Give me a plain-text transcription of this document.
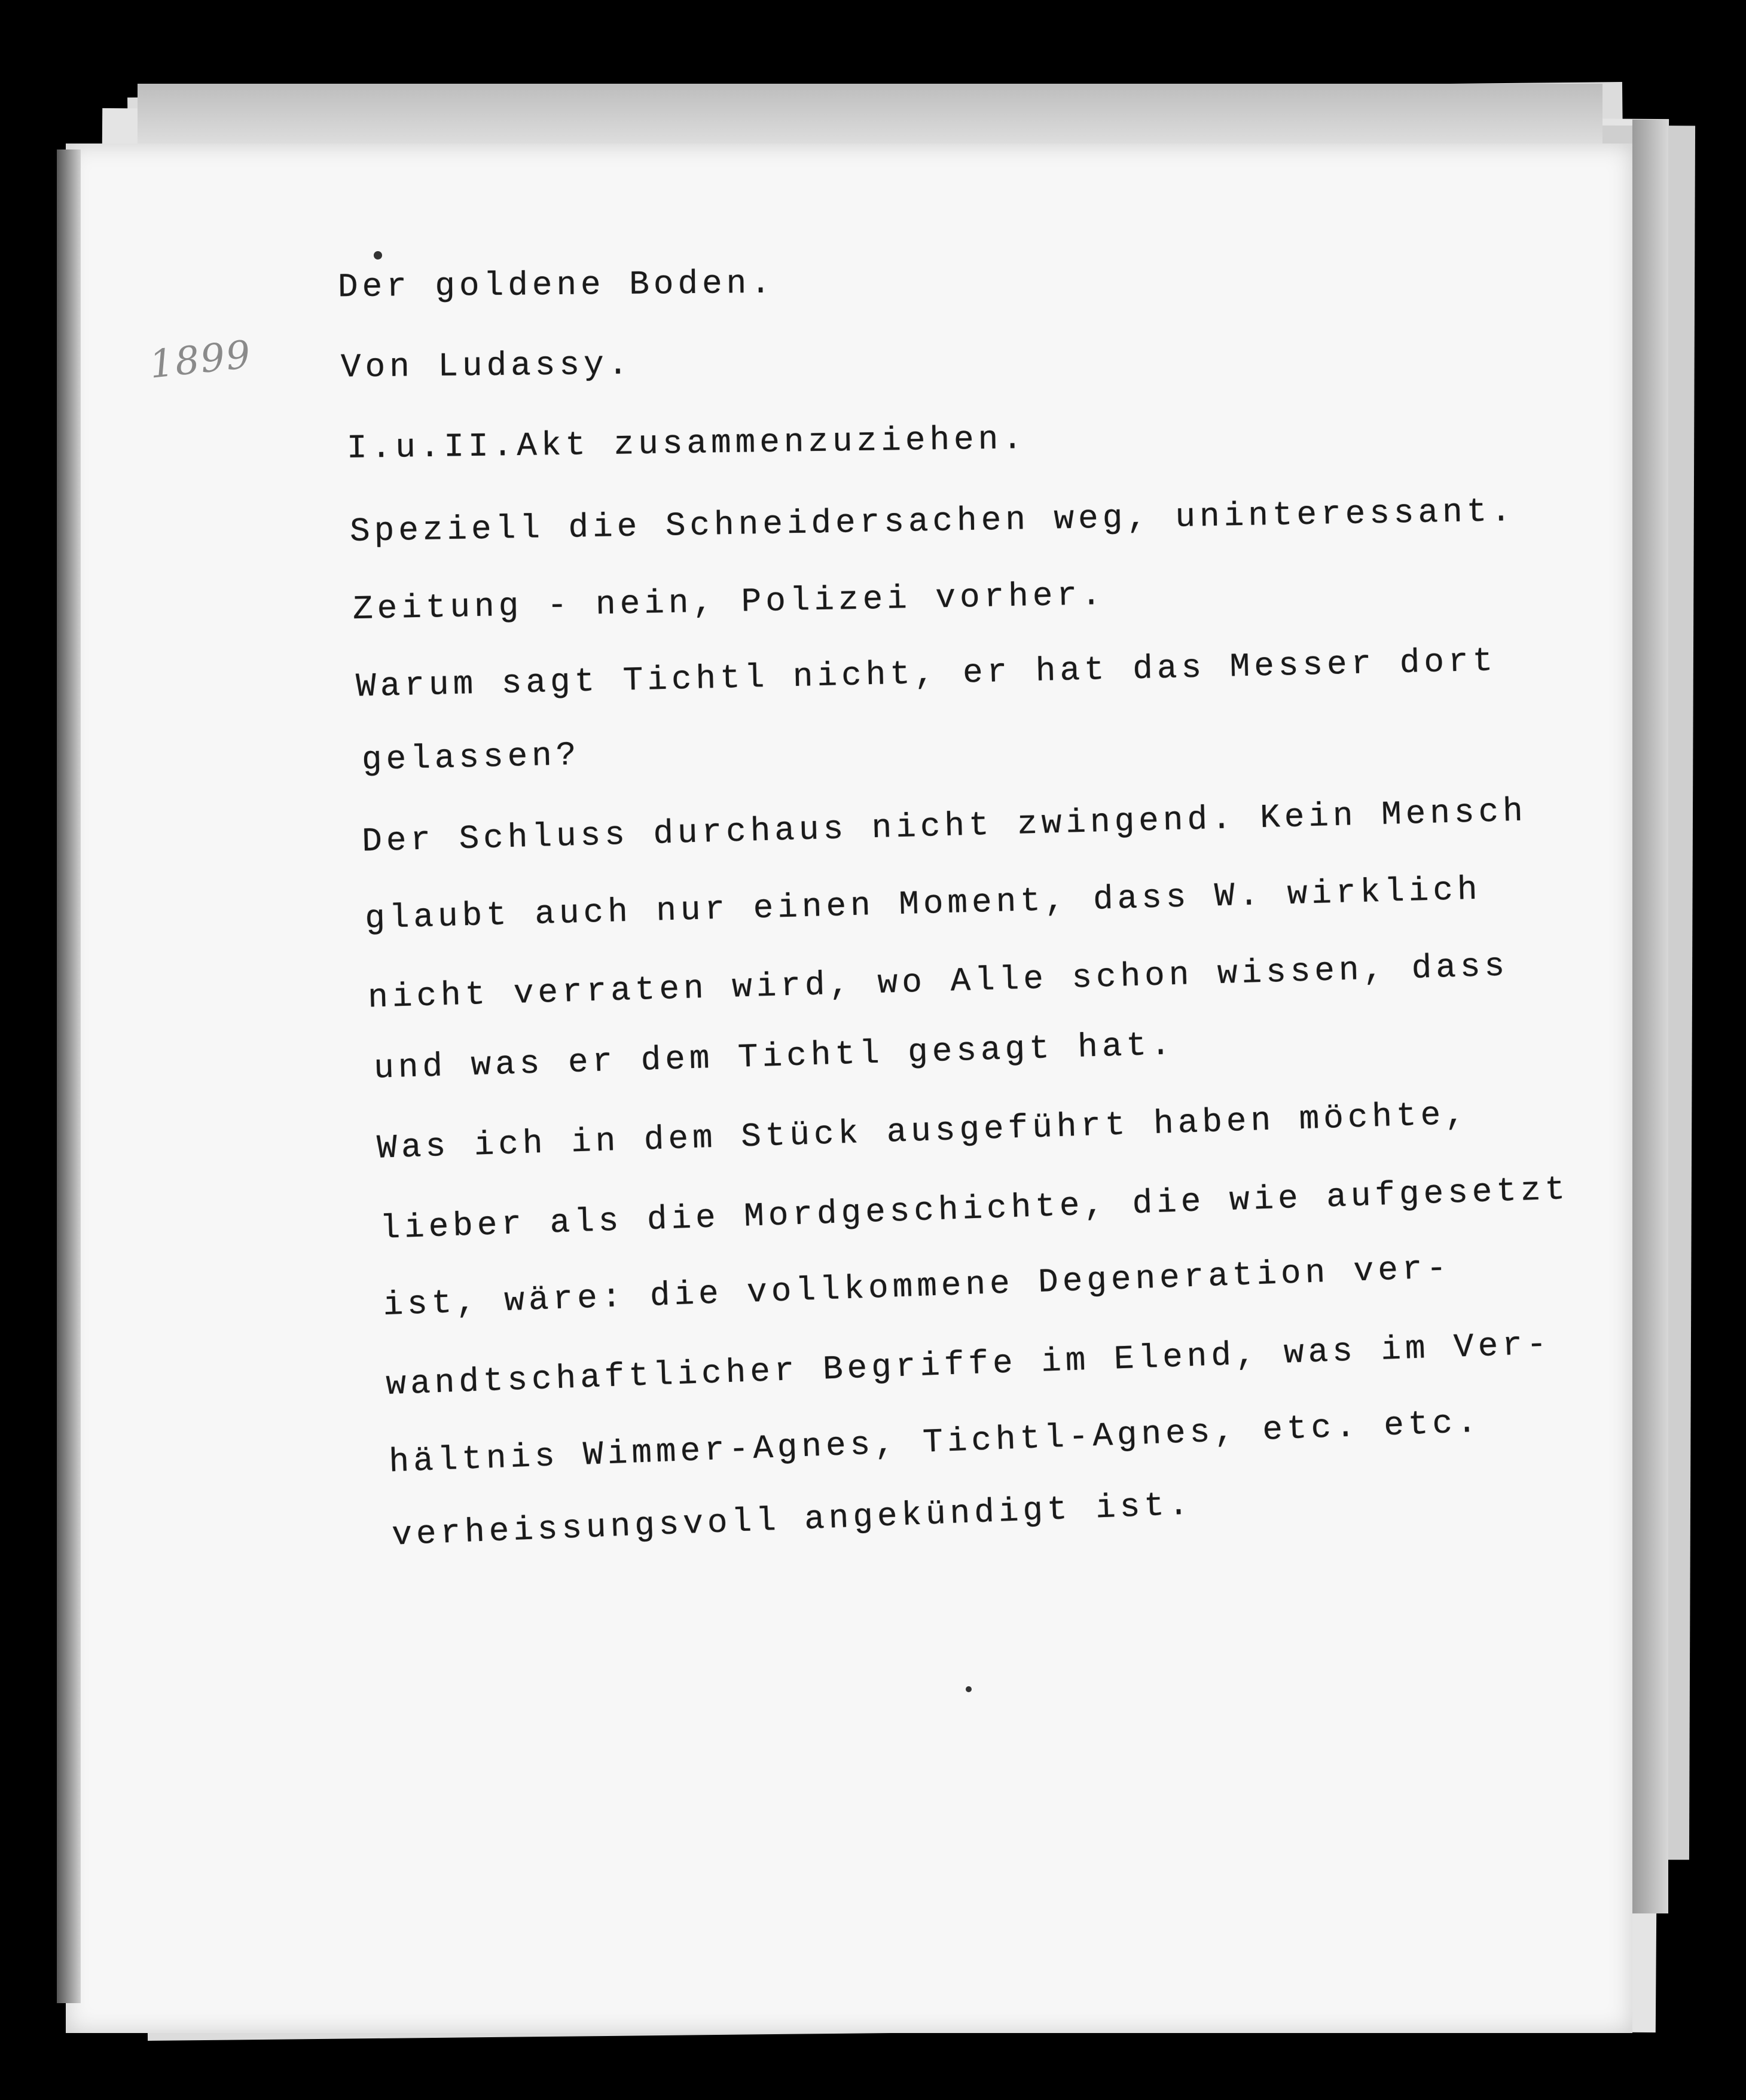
1899
Der goldene Boden.
Von Ludassy.
I.u.II.Akt zusammenzuziehen.
Speziell die Schneidersachen weg, uninteressant.
Zeitung - nein, Polizei vorher.
Warum sagt Tichtl nicht, er hat das Messer dort
gelassen?
Der Schluss durchaus nicht zwingend. Kein Mensch
glaubt auch nur einen Moment, dass W. wirklich
nicht verraten wird, wo Alle schon wissen, dass
und was er dem Tichtl gesagt hat.
Was ich in dem Stück ausgeführt haben möchte,
lieber als die Mordgeschichte, die wie aufgesetzt
ist, wäre: die vollkommene Degeneration ver-
wandtschaftlicher Begriffe im Elend, was im Ver-
hältnis Wimmer-Agnes, Tichtl-Agnes, etc. etc.
verheissungsvoll angekündigt ist.
